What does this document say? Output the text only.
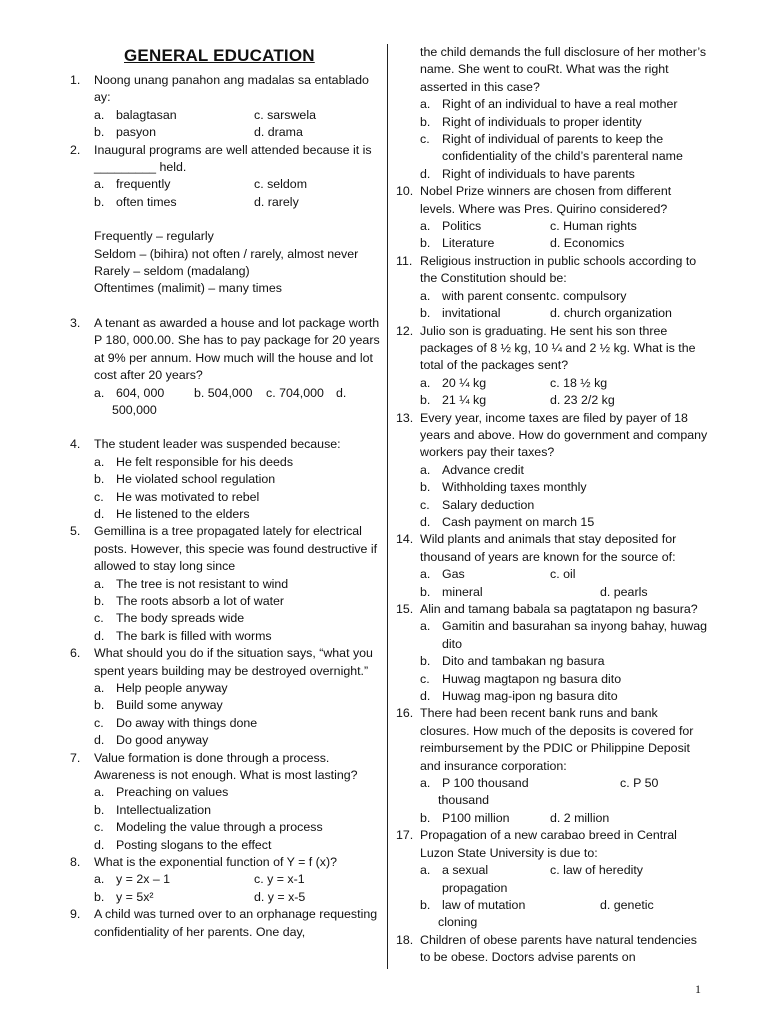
GENERAL EDUCATION
1.	Noong unang panahon ang madalas sa entablado ay:
a. balagtasan	c. sarswela
b. pasyon	d. drama
2.	Inaugural programs are well attended because it is _________ held.
a. frequently	c. seldom
b. often times	d. rarely
Frequently – regularly
Seldom – (bihira) not often / rarely, almost never
Rarely – seldom (madalang)
Oftentimes (malimit) – many times
3.	A tenant as awarded a house and lot package worth P 180, 000.00. She has to pay package for 20 years at 9% per annum. How much will the house and lot cost after 20 years?
a. 604, 000 b. 504,000	c. 704,000 d.
500,000
4.	The student leader was suspended because:
a. He felt responsible for his deeds
b. He violated school regulation
c. He was motivated to rebel
d. He listened to the elders
5.	Gemillina is a tree propagated lately for electrical posts. However, this specie was found destructive if allowed to stay long since
a. The tree is not resistant to wind
b. The roots absorb a lot of water
c. The body spreads wide
d. The bark is filled with worms
6.	What should you do if the situation says, “what you spent years building may be destroyed overnight.”
a. Help people anyway
b. Build some anyway
c. Do away with things done
d. Do good anyway
7.	Value formation is done through a process. Awareness is not enough. What is most lasting?
a. Preaching on values
b. Intellectualization
c. Modeling the value through a process
d. Posting slogans to the effect
8.	What is the exponential function of Y = f (x)?
a. y = 2x – 1	c. y = x-1
b. y = 5x²	d. y = x-5
9.	A child was turned over to an orphanage requesting confidentiality of her parents. One day,
the child demands the full disclosure of her mother’s name. She went to couRt. What was the right asserted in this case?
a. Right of an individual to have a real mother
b. Right of individuals to proper identity
c. Right of individual of parents to keep the confidentiality of the child’s parenteral name
d. Right of individuals to have parents
10. Nobel Prize winners are chosen from different levels. Where was Pres. Quirino considered?
a. Politics	c. Human rights
b. Literature	d. Economics
11. Religious instruction in public schools according to the Constitution should be:
a. with parent consent c. compulsory
b. invitational	d. church organization
12. Julio son is graduating. He sent his son three packages of 8 ½ kg, 10 ¼ and 2 ½ kg. What is the total of the packages sent?
a. 20 ¼ kg	c. 18 ½ kg
b. 21 ¼ kg	d. 23 2/2 kg
13. Every year, income taxes are filed by payer of 18 years and above. How do government and company workers pay their taxes?
a. Advance credit
b. Withholding taxes monthly
c. Salary deduction
d. Cash payment on march 15
14. Wild plants and animals that stay deposited for thousand of years are known for the source of:
a. Gas	c. oil
b. mineral	d. pearls
15. Alin and tamang babala sa pagtatapon ng basura?
a. Gamitin and basurahan sa inyong bahay, huwag dito
b. Dito and tambakan ng basura
c. Huwag magtapon ng basura dito
d. Huwag mag-ipon ng basura dito
16. There had been recent bank runs and bank closures. How much of the deposits is covered for reimbursement by the PDIC or Philippine Deposit and insurance corporation:
a. P 100 thousand	c. P 50
thousand
b. P100 million	d. 2 million
17. Propagation of a new carabao breed in Central Luzon State University is due to:
a. a sexual propagation
c. law of heredity
b. law of mutation	d. genetic
cloning
18. Children of obese parents have natural tendencies to be obese. Doctors advise parents on
1
